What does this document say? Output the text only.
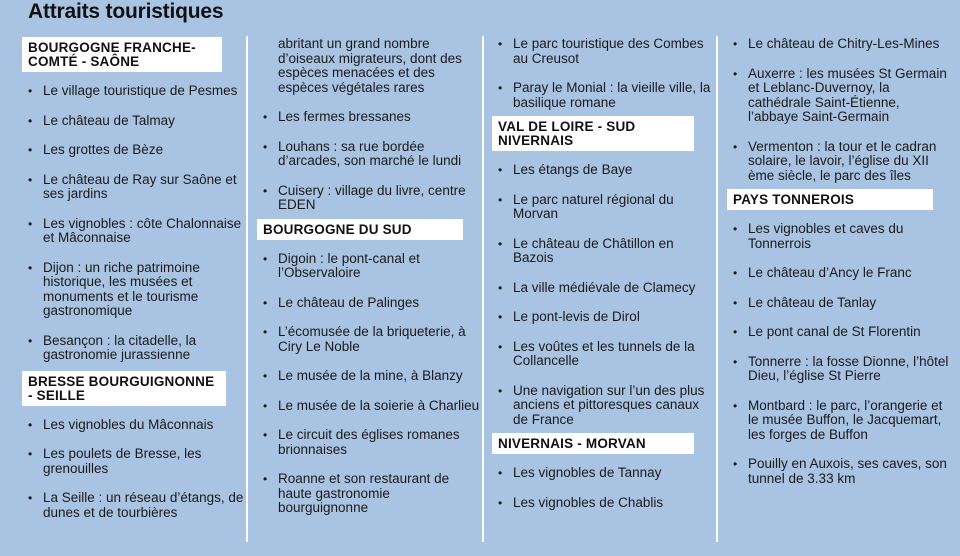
Attraits touristiques
BOURGOGNE FRANCHE-COMTÉ - SAÔNE
• Le village touristique de Pesmes
• Le château de Talmay
• Les grottes de Bèze
• Le château de Ray sur Saône et ses jardins
• Les vignobles : côte Chalonnaise et Mâconnaise
• Dijon : un riche patrimoine historique, les musées et monuments et le tourisme gastronomique
• Besançon : la citadelle, la gastronomie jurassienne
BRESSE BOURGUIGNONNE - SEILLE
• Les vignobles du Mâconnais
• Les poulets de Bresse, les grenouilles
• La Seille : un réseau d’étangs, de dunes et de tourbières
abritant un grand nombre d’oiseaux migrateurs, dont des espèces menacées et des espèces végétales rares
• Les fermes bressanes
• Louhans : sa rue bordée d’arcades, son marché le lundi
• Cuisery : village du livre, centre EDEN
BOURGOGNE DU SUD
• Digoin : le pont-canal et l’Observaloire
• Le château de Palinges
• L’écomusée de la briqueterie, à Ciry Le Noble
• Le musée de la mine, à Blanzy
• Le musée de la soierie à Charlieu
• Le circuit des églises romanes brionnaises
• Roanne et son restaurant de haute gastronomie bourguignonne
• Le parc touristique des Combes au Creusot
• Paray le Monial : la vieille ville, la basilique romane
VAL DE LOIRE - SUD NIVERNAIS
• Les étangs de Baye
• Le parc naturel régional du Morvan
• Le château de Châtillon en Bazois
• La ville médiévale de Clamecy
• Le pont-levis de Dirol
• Les voûtes et les tunnels de la Collancelle
• Une navigation sur l’un des plus anciens et pittoresques canaux de France
NIVERNAIS - MORVAN
• Les vignobles de Tannay
• Les vignobles de Chablis
• Le château de Chitry-Les-Mines
• Auxerre : les musées St Germain et Leblanc-Duvernoy, la cathédrale Saint-Étienne, l’abbaye Saint-Germain
• Vermenton : la tour et le cadran solaire, le lavoir, l’église du XII ème siècle, le parc des îles
PAYS TONNEROIS
• Les vignobles et caves du Tonnerrois
• Le château d’Ancy le Franc
• Le château de Tanlay
• Le pont canal de St Florentin
• Tonnerre : la fosse Dionne, l’hôtel Dieu, l’église St Pierre
• Montbard : le parc, l’orangerie et le musée Buffon, le Jacquemart, les forges de Buffon
• Pouilly en Auxois, ses caves, son tunnel de 3.33 km
